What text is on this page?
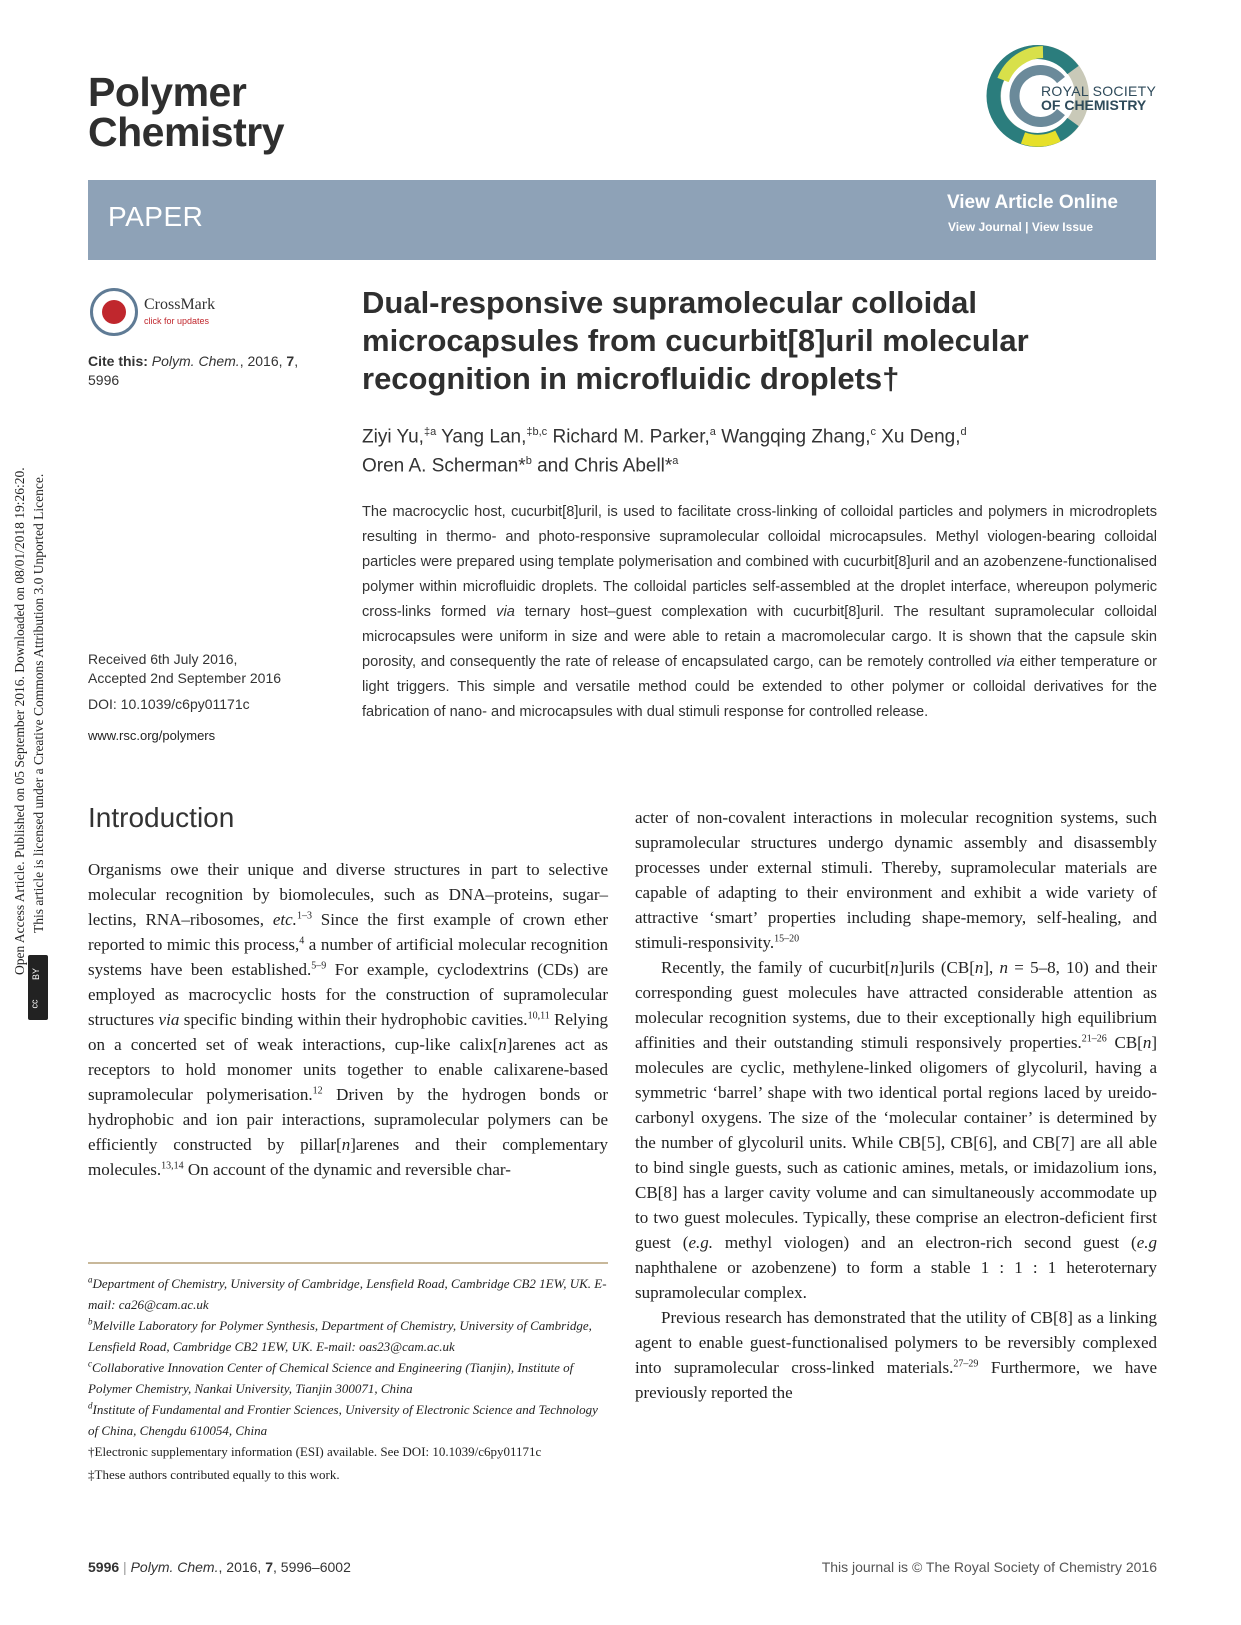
Open Access Article. Published on 05 September 2016. Downloaded on 08/01/2018 19:26:20. This article is licensed under a Creative Commons Attribution 3.0 Unported Licence.
cc
BY
Polymer
Chemistry
ROYAL SOCIETY
OF CHEMISTRY
PAPER	View Article Online
View Journal | View Issue
CrossMark
click for updates
Cite this: Polym. Chem., 2016, 7,
5996
Received 6th July 2016,
Accepted 2nd September 2016
DOI: 10.1039/c6py01171c
www.rsc.org/polymers
Dual-responsive supramolecular colloidal microcapsules from cucurbit[8]uril molecular recognition in microfluidic droplets†
Ziyi Yu,$^{\ddagger a}$ Yang Lan,$^{\ddagger b,c}$ Richard M. Parker,$^a$ Wangqing Zhang,$^c$ Xu Deng,$^d$
Oren A. Scherman*$^b$ and Chris Abell*$^a$
The macrocyclic host, cucurbit[8]uril, is used to facilitate cross-linking of colloidal particles and polymers in microdroplets resulting in thermo- and photo-responsive supramolecular colloidal microcapsules. Methyl viologen-bearing colloidal particles were prepared using template polymerisation and combined with cucurbit[8]uril and an azobenzene-functionalised polymer within microfluidic droplets. The colloidal particles self-assembled at the droplet interface, whereupon polymeric cross-links formed via ternary host–guest complexation with cucurbit[8]uril. The resultant supramolecular colloidal microcapsules were uniform in size and were able to retain a macromolecular cargo. It is shown that the capsule skin porosity, and consequently the rate of release of encapsulated cargo, can be remotely controlled via either temperature or light triggers. This simple and versatile method could be extended to other polymer or colloidal derivatives for the fabrication of nano- and microcapsules with dual stimuli response for controlled release.
Introduction
Organisms owe their unique and diverse structures in part to selective molecular recognition by biomolecules, such as DNA–proteins, sugar–lectins, RNA–ribosomes, etc.$^{1-3}$ Since the first example of crown ether reported to mimic this process,$^4$ a number of artificial molecular recognition systems have been established.$^{5-9}$ For example, cyclodextrins (CDs) are employed as macrocyclic hosts for the construction of supramolecular structures via specific binding within their hydrophobic cavities.$^{10,11}$ Relying on a concerted set of weak interactions, cup-like calix[n]arenes act as receptors to hold monomer units together to enable calixarene-based supramolecular polymerisation.$^{12}$ Driven by the hydrogen bonds or hydrophobic and ion pair interactions, supramolecular polymers can be efficiently constructed by pillar[n]arenes and their complementary molecules.$^{13,14}$ On account of the dynamic and reversible char-

acter of non-covalent interactions in molecular recognition systems, such supramolecular structures undergo dynamic assembly and disassembly processes under external stimuli. Thereby, supramolecular materials are capable of adapting to their environment and exhibit a wide variety of attractive ‘smart’ properties including shape-memory, self-healing, and stimuli-responsivity.$^{15-20}$

Recently, the family of cucurbit[n]urils (CB[n], n = 5–8, 10) and their corresponding guest molecules have attracted considerable attention as molecular recognition systems, due to their exceptionally high equilibrium affinities and their outstanding stimuli responsively properties.$^{21-26}$ CB[n] molecules are cyclic, methylene-linked oligomers of glycoluril, having a symmetric ‘barrel’ shape with two identical portal regions laced by ureido-carbonyl oxygens. The size of the ‘molecular container’ is determined by the number of glycoluril units. While CB[5], CB[6], and CB[7] are all able to bind single guests, such as cationic amines, metals, or imidazolium ions, CB[8] has a larger cavity volume and can simultaneously accommodate up to two guest molecules. Typically, these comprise an electron-deficient first guest (e.g. methyl viologen) and an electron-rich second guest (e.g naphthalene or azobenzene) to form a stable 1 : 1 : 1 heteroternary supramolecular complex.

Previous research has demonstrated that the utility of CB[8] as a linking agent to enable guest-functionalised polymers to be reversibly complexed into supramolecular cross-linked materials.$^{27-29}$ Furthermore, we have previously reported the

$^a$Department of Chemistry, University of Cambridge, Lensfield Road, Cambridge CB2 1EW, UK. E-mail: ca26@cam.ac.uk
$^b$Melville Laboratory for Polymer Synthesis, Department of Chemistry, University of Cambridge, Lensfield Road, Cambridge CB2 1EW, UK. E-mail: oas23@cam.ac.uk
$^c$Collaborative Innovation Center of Chemical Science and Engineering (Tianjin), Institute of Polymer Chemistry, Nankai University, Tianjin 300071, China
$^d$Institute of Fundamental and Frontier Sciences, University of Electronic Science and Technology of China, Chengdu 610054, China
†Electronic supplementary information (ESI) available. See DOI: 10.1039/c6py01171c
‡These authors contributed equally to this work.
5996 | Polym. Chem., 2016, 7, 5996–6002	This journal is © The Royal Society of Chemistry 2016
